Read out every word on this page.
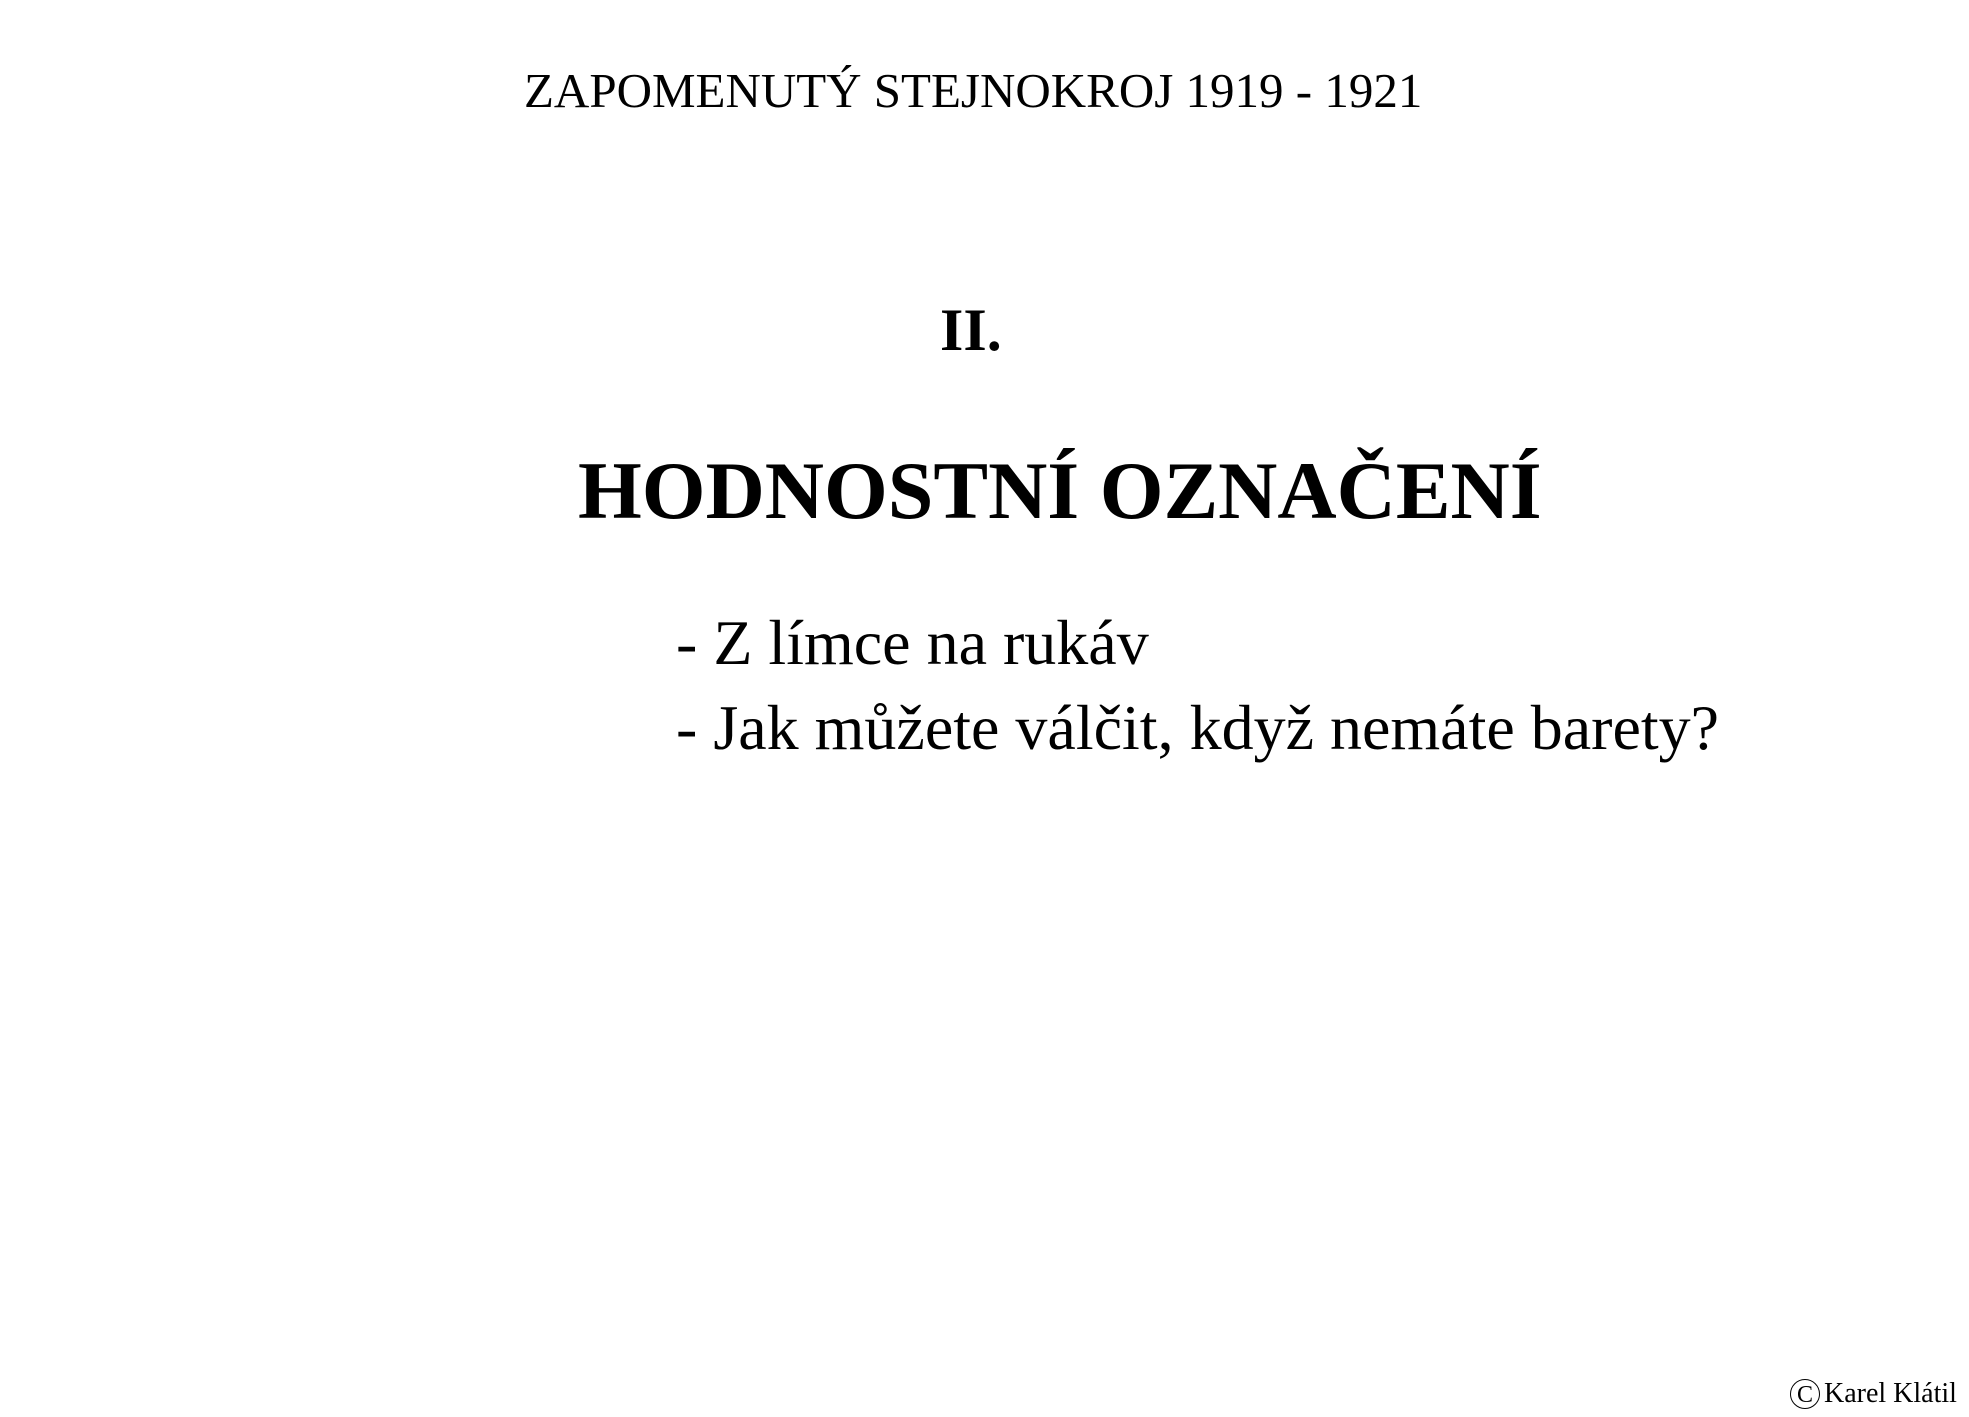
ZAPOMENUTÝ STEJNOKROJ 1919 - 1921
II.
HODNOSTNÍ OZNAČENÍ
- Z límce na rukáv
- Jak můžete válčit, když nemáte barety?
C Karel Klátil
